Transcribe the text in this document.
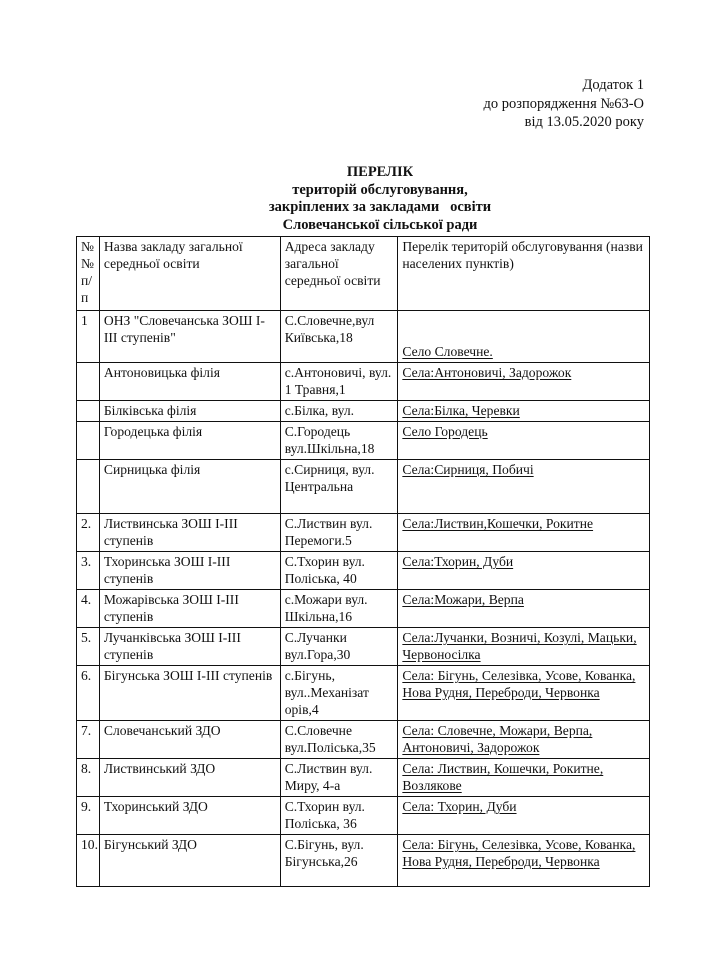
Додаток 1
до розпорядження №63-О
від 13.05.2020 року
ПЕРЕЛІК
територій обслуговування,
закріплених за закладами   освіти
Словечанської сільської ради
№ № п/ п	Назва закладу загальної середньої освіти	Адреса закладу загальної середньої освіти	Перелік територій обслуговування (назви населених пунктів)
1	ОНЗ "Словечанська ЗОШ І-ІІІ ступенів"	С.Словечне,вул Київська,18	Село Словечне.
	Антоновицька філія	с.Антоновичі, вул. 1 Травня,1	Села:Антоновичі, Задорожок
	Білківська філія	с.Білка, вул.	Села:Білка, Черевки
	Городецька філія	С.Городець вул.Шкільна,18	Село Городець
	Сирницька філія	с.Сирниця, вул. Центральна	Села:Сирниця, Побичі
2.	Листвинська ЗОШ І-ІІІ ступенів	С.Листвин вул. Перемоги.5	Села:Листвин,Кошечки, Рокитне
3.	Тхоринська ЗОШ І-ІІІ ступенів	С.Тхорин вул. Поліська, 40	Села:Тхорин, Дуби
4.	Можарівська ЗОШ І-ІІІ ступенів	с.Можари вул. Шкільна,16	Села:Можари, Верпа
5.	Лучанківська ЗОШ І-ІІІ ступенів	С.Лучанки вул.Гора,30	Села:Лучанки, Возничі, Козулі, Мацьки, Червоносілка
6.	Бігунська ЗОШ І-ІІІ ступенів	с.Бігунь, вул..Механізат орів,4	Села: Бігунь, Селезівка, Усове, Кованка, Нова Рудня, Переброди, Червонка
7.	Словечанський ЗДО	С.Словечне вул.Поліська,35	Села: Словечне, Можари, Верпа, Антоновичі, Задорожок
8.	Листвинський ЗДО	С.Листвин вул. Миру, 4-а	Села: Листвин, Кошечки, Рокитне, Возлякове
9.	Тхоринський ЗДО	С.Тхорин вул. Поліська, 36	Села: Тхорин, Дуби
10.	Бігунський ЗДО	С.Бігунь, вул. Бігунська,26	Села: Бігунь, Селезівка, Усове, Кованка, Нова Рудня, Переброди, Червонка
